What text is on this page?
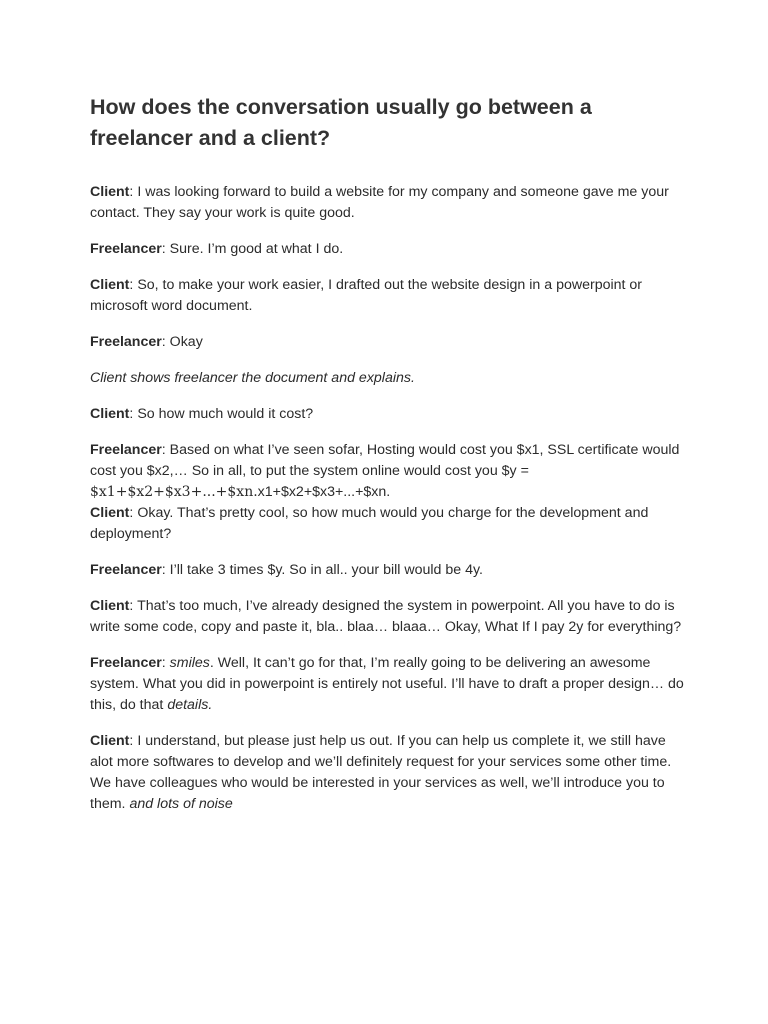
How does the conversation usually go between a freelancer and a client?

Client: I was looking forward to build a website for my company and someone gave me your contact. They say your work is quite good.

Freelancer: Sure. I’m good at what I do.

Client: So, to make your work easier, I drafted out the website design in a powerpoint or microsoft word document.

Freelancer: Okay

Client shows freelancer the document and explains.

Client: So how much would it cost?

Freelancer: Based on what I’ve seen sofar, Hosting would cost you $x1, SSL certificate would cost you $x2,… So in all, to put the system online would cost you $y =
$x1+$x2+$x3+...+$xn.x1+$x2+$x3+...+$xn.

Client: Okay. That’s pretty cool, so how much would you charge for the development and deployment?

Freelancer: I’ll take 3 times $y. So in all.. your bill would be 4y.

Client: That’s too much, I’ve already designed the system in powerpoint. All you have to do is write some code, copy and paste it, bla.. blaa… blaaa… Okay, What If I pay 2y for everything?

Freelancer: smiles. Well, It can’t go for that, I’m really going to be delivering an awesome system. What you did in powerpoint is entirely not useful. I’ll have to draft a proper design… do this, do that details.

Client: I understand, but please just help us out. If you can help us complete it, we still have alot more softwares to develop and we’ll definitely request for your services some other time. We have colleagues who would be interested in your services as well, we’ll introduce you to them. and lots of noise
